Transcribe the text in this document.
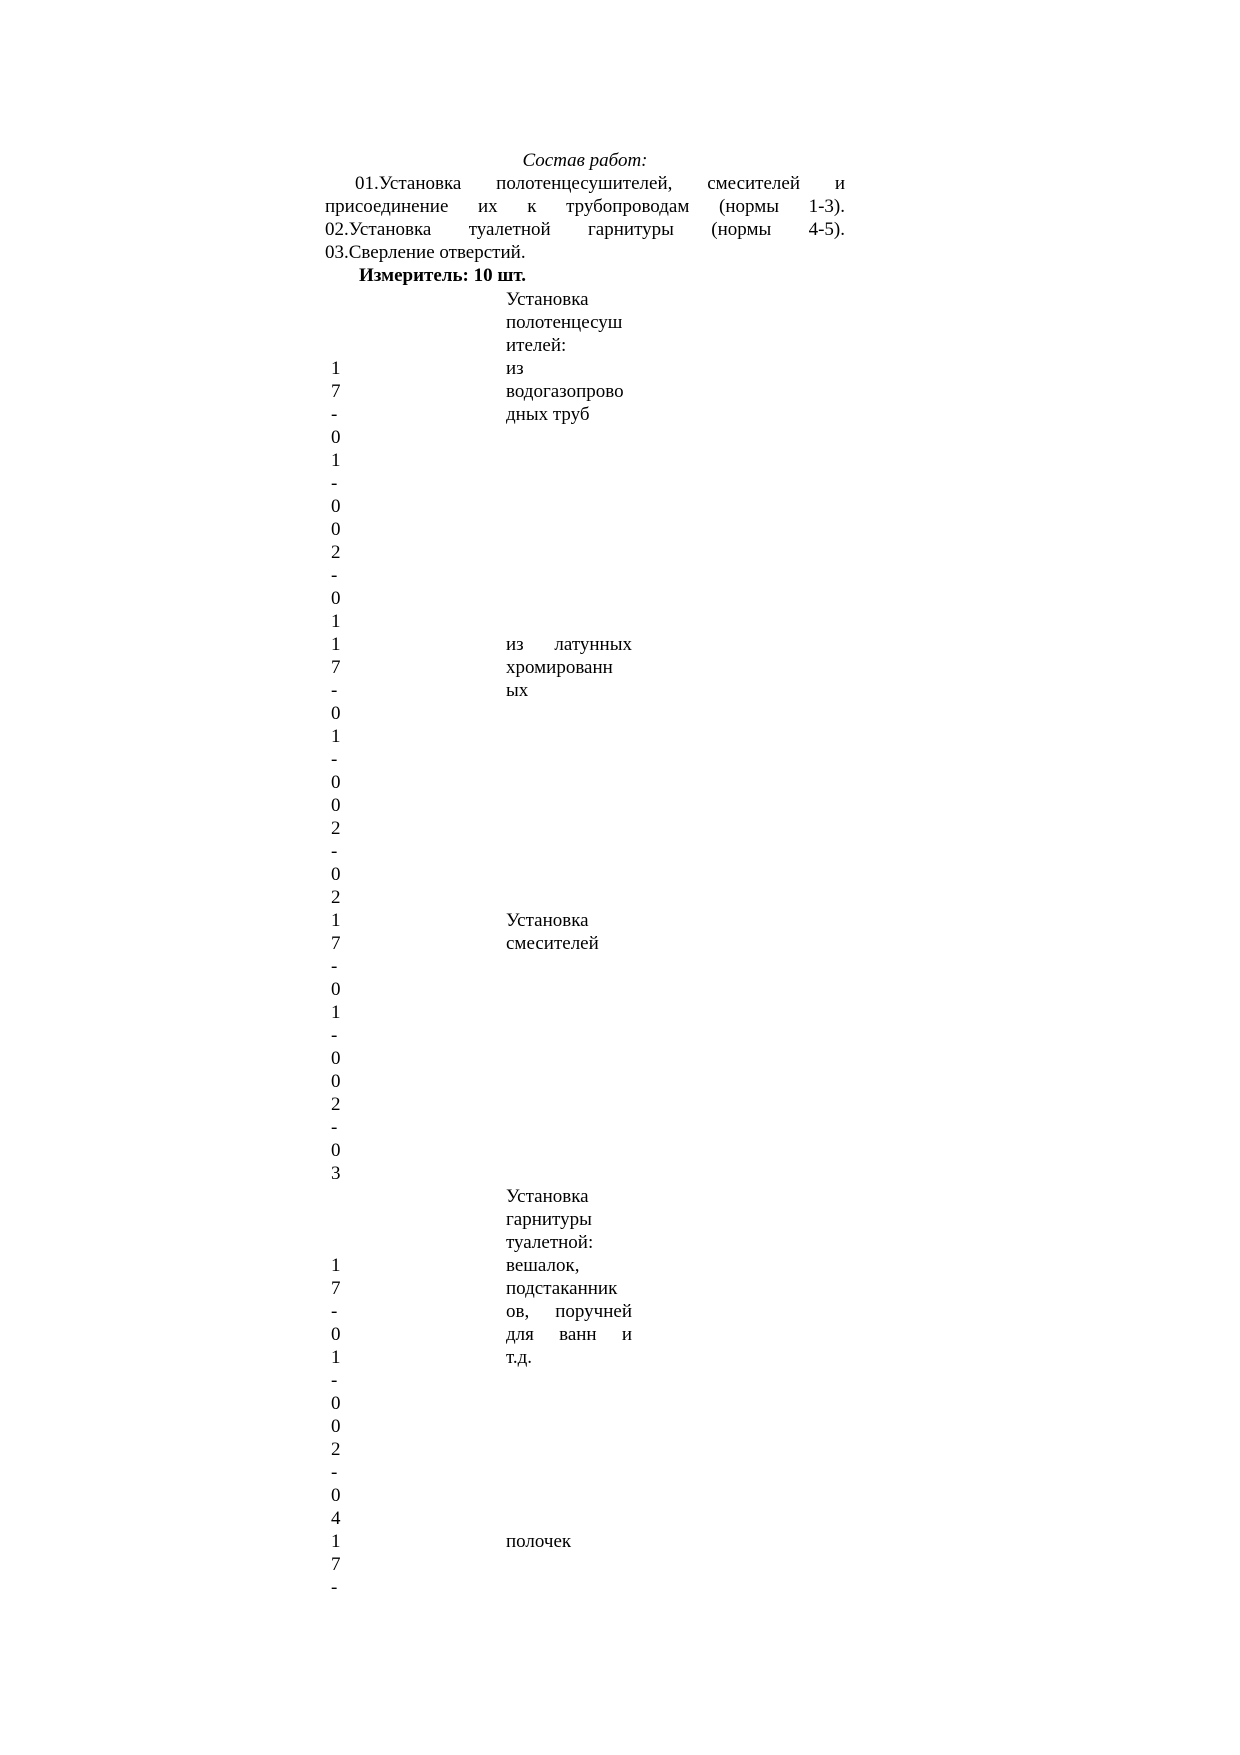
Состав работ:
01.Установка полотенцесушителей, смесителей и
присоединение их к трубопроводам (нормы 1-3).
02.Установка туалетной гарнитуры (нормы 4-5).
03.Сверление отверстий.
Измеритель: 10 шт.
1
7
-
0
1
-
0
0
2
-
0
1
Установка
полотенцесуш
ителей:
из
водогазопрово
дных труб
1
7
-
0
1
-
0
0
2
-
0
2
из латунных
хромированн
ых
1
7
-
0
1
-
0
0
2
-
0
3
Установка
смесителей
1
7
-
0
1
-
0
0
2
-
0
4
Установка
гарнитуры
туалетной:
вешалок,
подстаканник
ов, поручней
для ванн и
т.д.
1
7
-
полочек
